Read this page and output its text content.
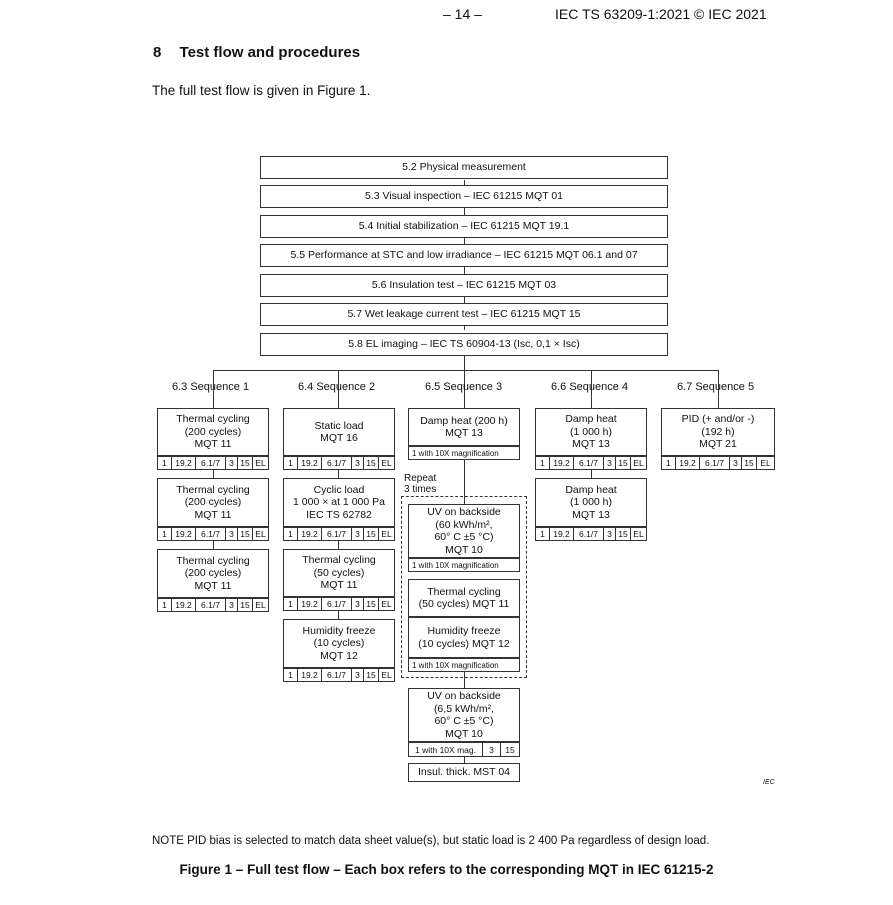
– 14 –	IEC TS 63209-1:2021 © IEC 2021
8 Test flow and procedures
The full test flow is given in Figure 1.
Repeat
3 times
5.2 Physical measurement
5.3 Visual inspection – IEC 61215 MQT 01
5.4 Initial stabilization – IEC 61215 MQT 19.1
5.5 Performance at STC and low irradiance – IEC 61215 MQT 06.1 and 07
5.6 Insulation test – IEC 61215 MQT 03
5.7 Wet leakage current test – IEC 61215 MQT 15
5.8 EL imaging – IEC TS 60904-13 (Isc, 0,1 × Isc)
6.3 Sequence 1	6.4 Sequence 2	6.5 Sequence 3	6.6 Sequence 4	6.7 Sequence 5
Thermal cycling
(200 cycles)
MQT 11
1 19.2	6.1/7	3 15 EL
Thermal cycling
(200 cycles)
MQT 11
1 19.2	6.1/7	3 15 EL
Thermal cycling
(200 cycles)
MQT 11
1 19.2	6.1/7	3 15 EL
Static load
MQT 16
1 19.2	6.1/7	3 15 EL
Cyclic load
1 000 × at 1 000 Pa
IEC TS 62782
1 19.2	6.1/7	3 15 EL
Thermal cycling
(50 cycles)
MQT 11
1 19.2	6.1/7	3 15 EL
Humidity freeze
(10 cycles)
MQT 12
1 19.2	6.1/7	3 15 EL
Damp heat (200 h)
MQT 13
1 with 10X magnification
UV on backside
(60 kWh/m²,
60° C ±5 °C)
MQT 10
1 with 10X magnification
Thermal cycling
(50 cycles) MQT 11
Humidity freeze
(10 cycles) MQT 12
1 with 10X magnification
UV on backside
(6,5 kWh/m²,
60° C ±5 °C)
MQT 10
1 with 10X mag.	3	15
Insul. thick. MST 04
Damp heat
(1 000 h)
MQT 13
1 19.2	6.1/7	3 15 EL
Damp heat
(1 000 h)
MQT 13
1 19.2	6.1/7	3 15 EL
PID (+ and/or -)
(192 h)
MQT 21
1 19.2	6.1/7	3 15 EL
IEC
NOTE PID bias is selected to match data sheet value(s), but static load is 2 400 Pa regardless of design load.
Figure 1 – Full test flow – Each box refers to the corresponding MQT in IEC 61215-2
